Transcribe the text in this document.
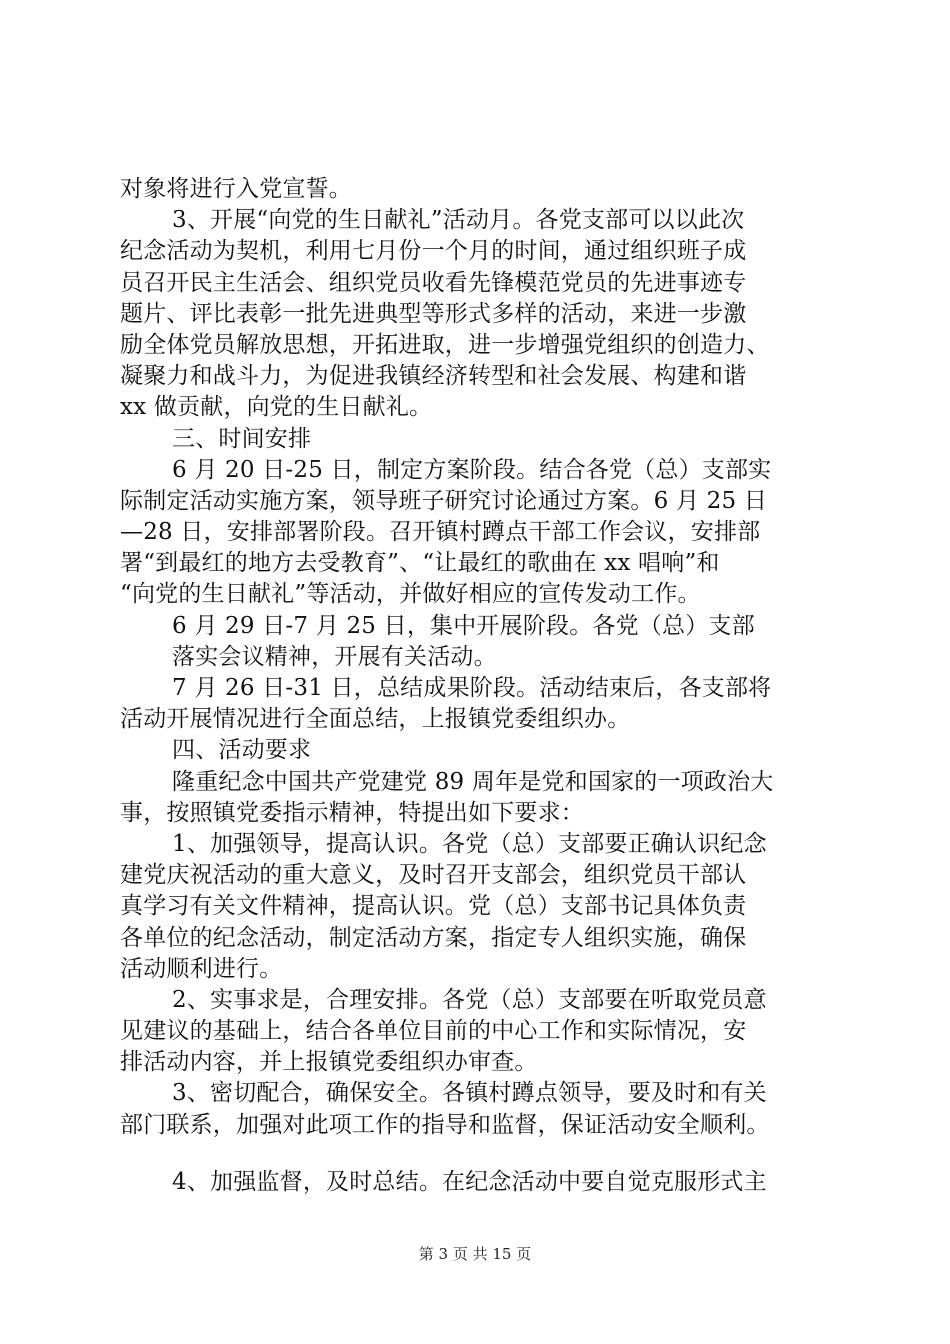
对象将进行入党宣誓。
3、开展“向党的生日献礼”活动月。各党支部可以以此次
纪念活动为契机，利用七月份一个月的时间，通过组织班子成
员召开民主生活会、组织党员收看先锋模范党员的先进事迹专
题片、评比表彰一批先进典型等形式多样的活动，来进一步激
励全体党员解放思想，开拓进取，进一步增强党组织的创造力、
凝聚力和战斗力，为促进我镇经济转型和社会发展、构建和谐
xx 做贡献，向党的生日献礼。
三、时间安排
6 月 20 日-25 日，制定方案阶段。结合各党（总）支部实
际制定活动实施方案，领导班子研究讨论通过方案。6 月 25 日
—28 日，安排部署阶段。召开镇村蹲点干部工作会议，安排部
署“到最红的地方去受教育”、“让最红的歌曲在 xx 唱响”和
“向党的生日献礼”等活动，并做好相应的宣传发动工作。
6 月 29 日-7 月 25 日，集中开展阶段。各党（总）支部
落实会议精神，开展有关活动。
7 月 26 日-31 日，总结成果阶段。活动结束后，各支部将
活动开展情况进行全面总结，上报镇党委组织办。
四、活动要求
隆重纪念中国共产党建党 89 周年是党和国家的一项政治大
事，按照镇党委指示精神，特提出如下要求：
1、加强领导，提高认识。各党（总）支部要正确认识纪念
建党庆祝活动的重大意义，及时召开支部会，组织党员干部认
真学习有关文件精神，提高认识。党（总）支部书记具体负责
各单位的纪念活动，制定活动方案，指定专人组织实施，确保
活动顺利进行。
2、实事求是，合理安排。各党（总）支部要在听取党员意
见建议的基础上，结合各单位目前的中心工作和实际情况，安
排活动内容，并上报镇党委组织办审查。
3、密切配合，确保安全。各镇村蹲点领导，要及时和有关
部门联系，加强对此项工作的指导和监督，保证活动安全顺利。
4、加强监督，及时总结。在纪念活动中要自觉克服形式主
第 3 页 共 15 页
